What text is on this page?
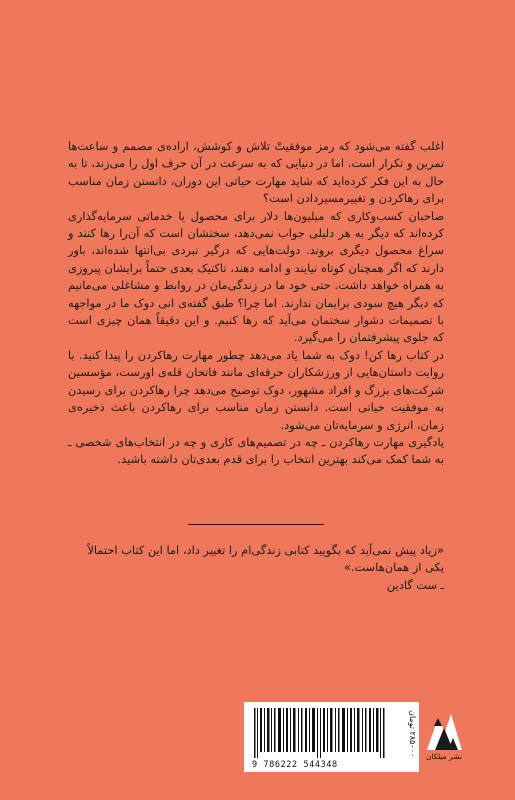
اغلب گفته می‌شود که رمز موفقیتْ تلاش و کوشش، اراده‌ی مصمم و ساعت‌ها تمرین و تکرار است. اما در دنیایی که به سرعت در آن حرف اول را می‌زند، تا به حال به این فکر کرده‌اید که شاید مهارت حیاتی این دوران، دانستن زمان مناسب برای رهاکردن و تغییرمسیردادن است؟

صاحبان کسب‌وکاری که میلیون‌ها دلار برای محصول یا خدماتی سرمایه‌گذاری کرده‌اند که دیگر به هر دلیلی جواب نمی‌دهد، سختشان است که آن‌را رها کنند و سراغ محصول دیگری بروند. دولت‌هایی که درگیر نبردی بی‌انتها شده‌اند، باور دارند که اگر همچنان کوتاه نیایند و ادامه دهند، تاکتیک بعدی حتماً برایشان پیروزی به همراه خواهد داشت. حتی خود ما در زندگی‌مان در روابط و مشاغلی می‌مانیم که دیگر هیچ سودی برایمان ندارند. اما چرا؟ طبق گفته‌ی انی دوک ما در مواجهه با تصمیمات دشوار سختمان می‌آید که رها کنیم. و این دقیقاً همان چیزی است که جلوی پیشرفتمان را می‌گیرد.

در کتاب رها کن! دوک به شما یاد می‌دهد چطور مهارت رهاکردن را پیدا کنید. با روایت داستان‌هایی از ورزشکاران حرفه‌ای مانند فاتحان قله‌ی اورست، مؤسسین شرکت‌های بزرگ و افراد مشهور، دوک توضیح می‌دهد چرا رهاکردن برای رسیدن به موفقیت حیاتی است. دانستن زمان مناسب برای رهاکردن باعث ذخیره‌ی زمان، انرژی و سرمایه‌تان می‌شود.

یادگیری مهارت رهاکردن ـ چه در تصمیم‌های کاری و چه در انتخاب‌های شخصی ـ به شما کمک می‌کند بهترین انتخاب را برای قدم بعدی‌تان داشته باشید.

«زیاد پیش نمی‌آید که بگویید کتابی زندگی‌ام را تغییر داد، اما این کتاب احتمالاً یکی از همان‌هاست.»

ـ ست گادین

9 786222 544348
۲۸۵۰۰۰ تومان نشر میلکان
